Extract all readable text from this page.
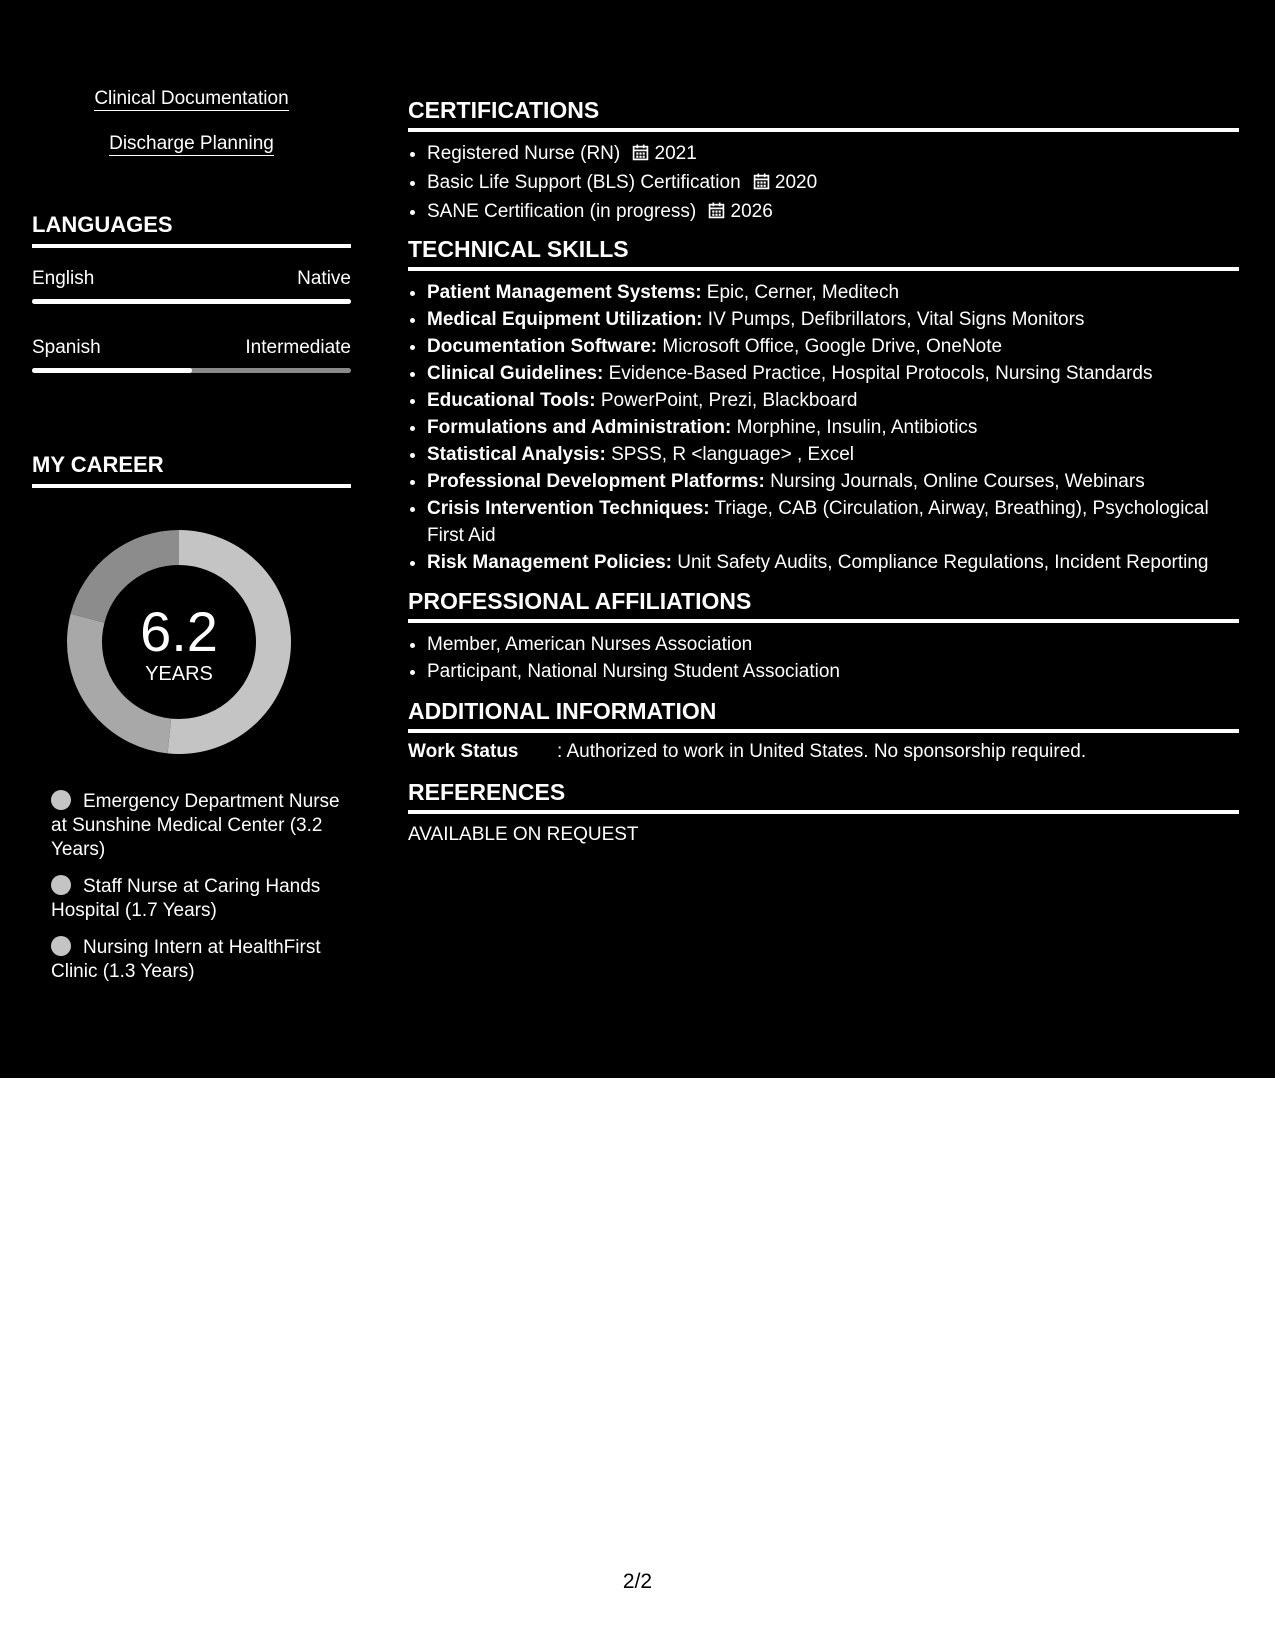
Clinical Documentation
Discharge Planning
LANGUAGES
English	Native
Spanish	Intermediate
MY CAREER
6.2
YEARS
Emergency Department Nurse at Sunshine Medical Center (3.2 Years)
Staff Nurse at Caring Hands Hospital (1.7 Years)
Nursing Intern at HealthFirst Clinic (1.3 Years)
CERTIFICATIONS
• Registered Nurse (RN) 2021
• Basic Life Support (BLS) Certification 2020
• SANE Certification (in progress) 2026
TECHNICAL SKILLS
• Patient Management Systems: Epic, Cerner, Meditech
• Medical Equipment Utilization: IV Pumps, Defibrillators, Vital Signs Monitors
• Documentation Software: Microsoft Office, Google Drive, OneNote
• Clinical Guidelines: Evidence-Based Practice, Hospital Protocols, Nursing Standards
• Educational Tools: PowerPoint, Prezi, Blackboard
• Formulations and Administration: Morphine, Insulin, Antibiotics
• Statistical Analysis: SPSS, R <language> , Excel
• Professional Development Platforms: Nursing Journals, Online Courses, Webinars
• Crisis Intervention Techniques: Triage, CAB (Circulation, Airway, Breathing), Psychological First Aid
• Risk Management Policies: Unit Safety Audits, Compliance Regulations, Incident Reporting
PROFESSIONAL AFFILIATIONS
• Member, American Nurses Association
• Participant, National Nursing Student Association
ADDITIONAL INFORMATION
Work Status : Authorized to work in United States. No sponsorship required.
REFERENCES
AVAILABLE ON REQUEST
2/2
